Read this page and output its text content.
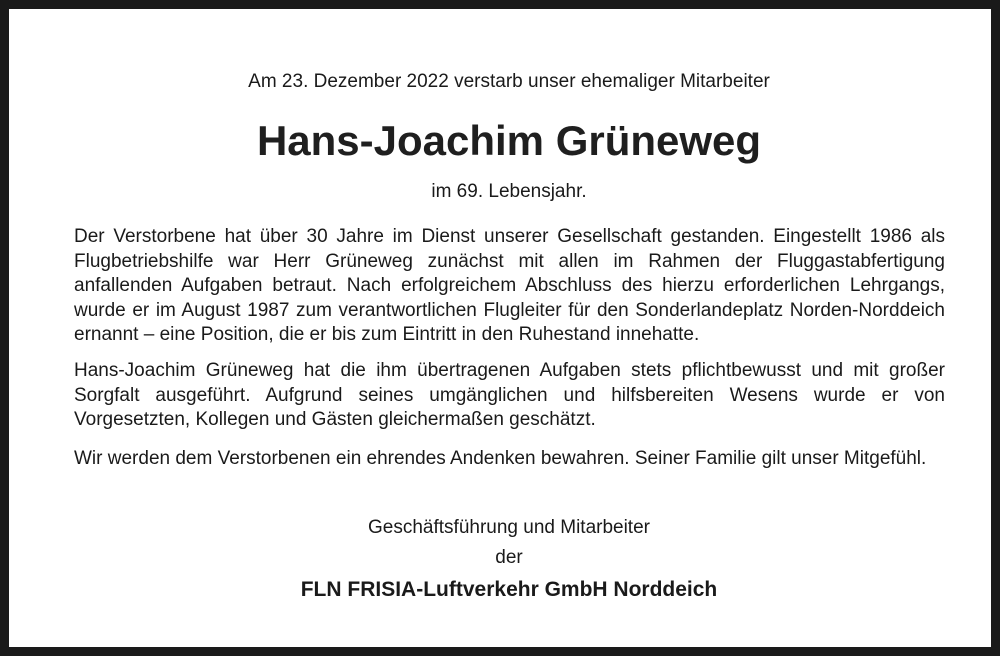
Am 23. Dezember 2022 verstarb unser ehemaliger Mitarbeiter
Hans-Joachim Grüneweg
im 69. Lebensjahr.

Der Verstorbene hat über 30 Jahre im Dienst unserer Gesellschaft gestanden. Eingestellt 1986 als Flugbetriebshilfe war Herr Grüneweg zunächst mit allen im Rahmen der Fluggastabfertigung anfallenden Aufgaben betraut. Nach erfolgreichem Abschluss des hierzu erforderlichen Lehrgangs, wurde er im August 1987 zum verantwortlichen Flugleiter für den Sonderlandeplatz Norden-Norddeich ernannt – eine Position, die er bis zum Eintritt in den Ruhestand innehatte.

Hans-Joachim Grüneweg hat die ihm übertragenen Aufgaben stets pflichtbewusst und mit großer Sorgfalt ausgeführt. Aufgrund seines umgänglichen und hilfsbereiten Wesens wurde er von Vorgesetzten, Kollegen und Gästen gleichermaßen geschätzt.

Wir werden dem Verstorbenen ein ehrendes Andenken bewahren. Seiner Familie gilt unser Mitgefühl.

Geschäftsführung und Mitarbeiter
der
FLN FRISIA-Luftverkehr GmbH Norddeich
